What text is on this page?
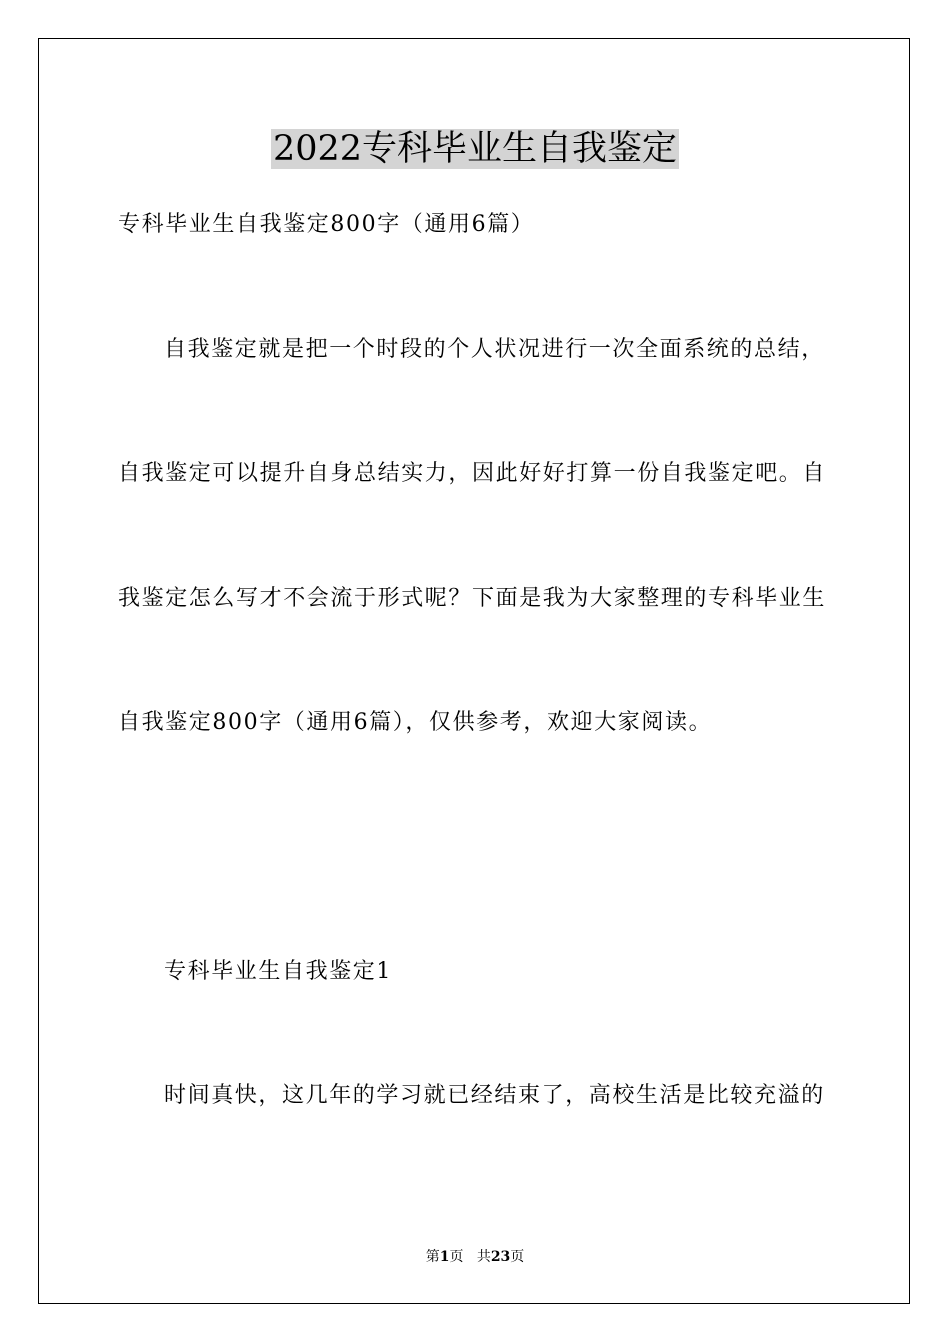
2022专科毕业生自我鉴定
专科毕业生自我鉴定800字（通用6篇）
自我鉴定就是把一个时段的个人状况进行一次全面系统的总结，
自我鉴定可以提升自身总结实力，因此好好打算一份自我鉴定吧。自
我鉴定怎么写才不会流于形式呢？下面是我为大家整理的专科毕业生
自我鉴定800字（通用6篇），仅供参考，欢迎大家阅读。
专科毕业生自我鉴定1
时间真快，这几年的学习就已经结束了，高校生活是比较充溢的
第1页 共23页
